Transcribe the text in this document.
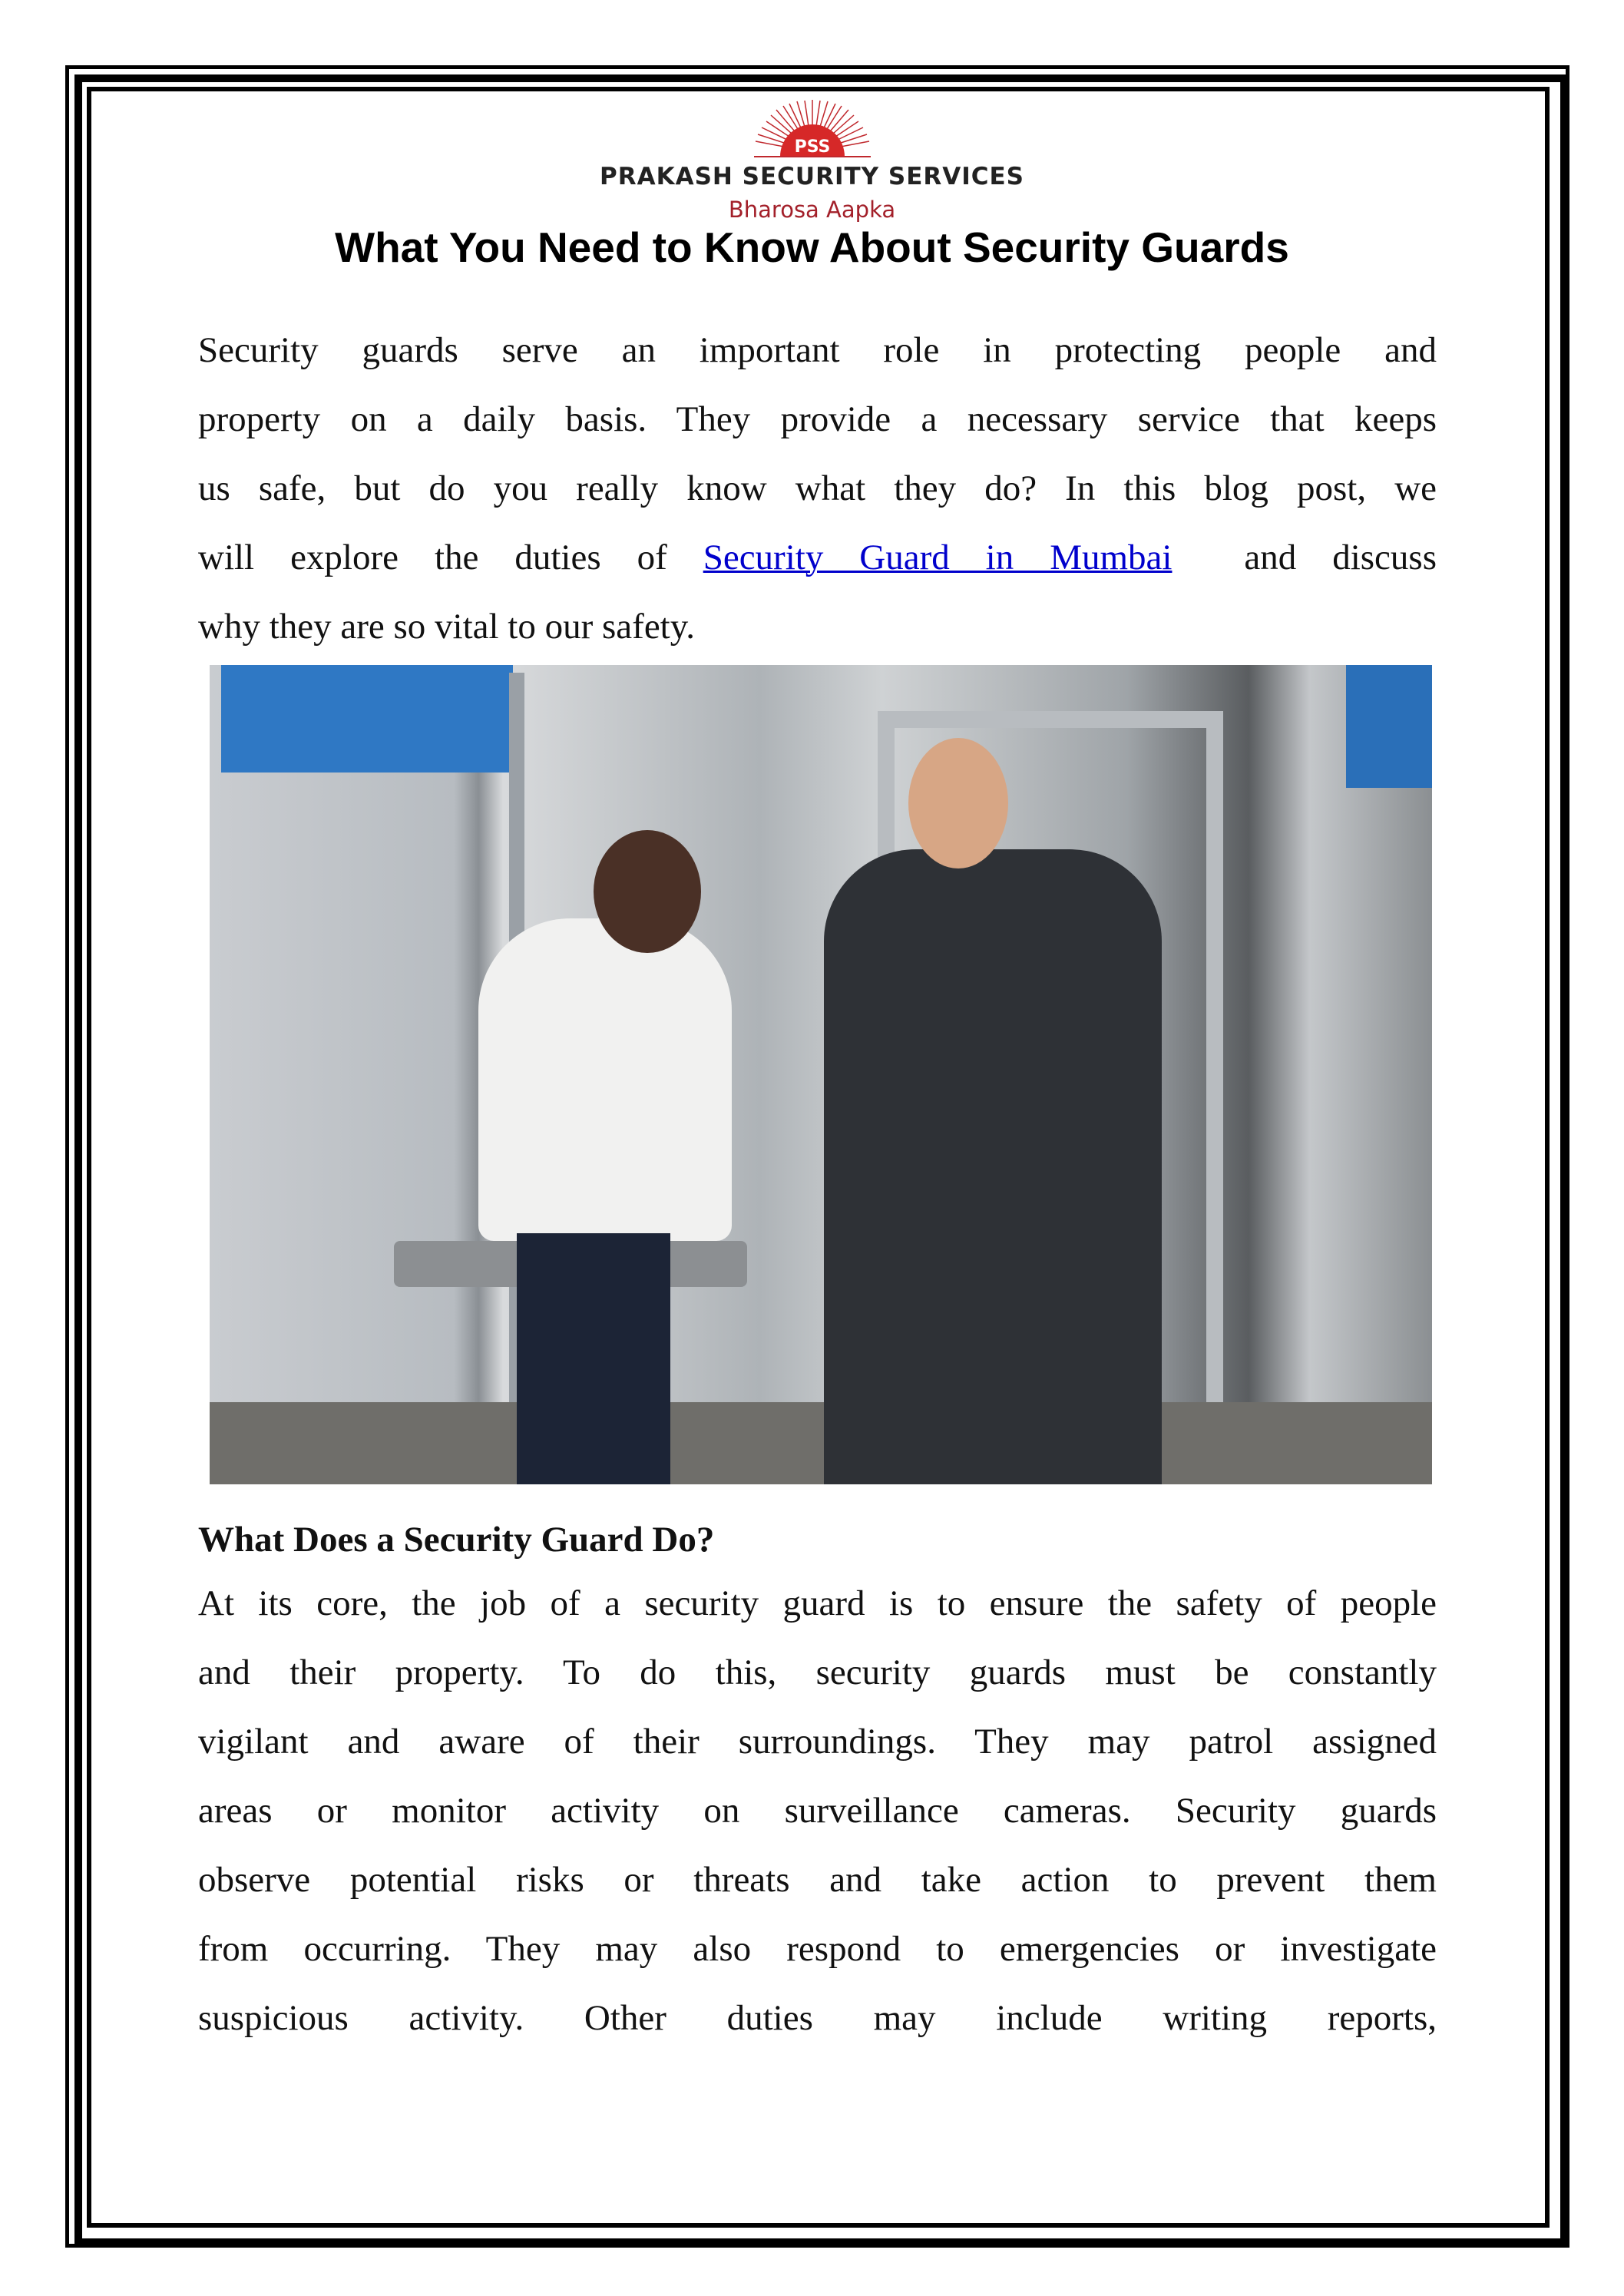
PSS
PRAKASH SECURITY SERVICES
Bharosa Aapka
What You Need to Know About Security Guards
Security guards serve an important role in protecting people and
property on a daily basis. They provide a necessary service that keeps
us safe, but do you really know what they do? In this blog post, we
will explore the duties of Security Guard in Mumbai and discuss
why they are so vital to our safety.
What Does a Security Guard Do?
At its core, the job of a security guard is to ensure the safety of people
and their property. To do this, security guards must be constantly
vigilant and aware of their surroundings. They may patrol assigned
areas or monitor activity on surveillance cameras. Security guards
observe potential risks or threats and take action to prevent them
from occurring. They may also respond to emergencies or investigate
suspicious activity. Other duties may include writing reports,
